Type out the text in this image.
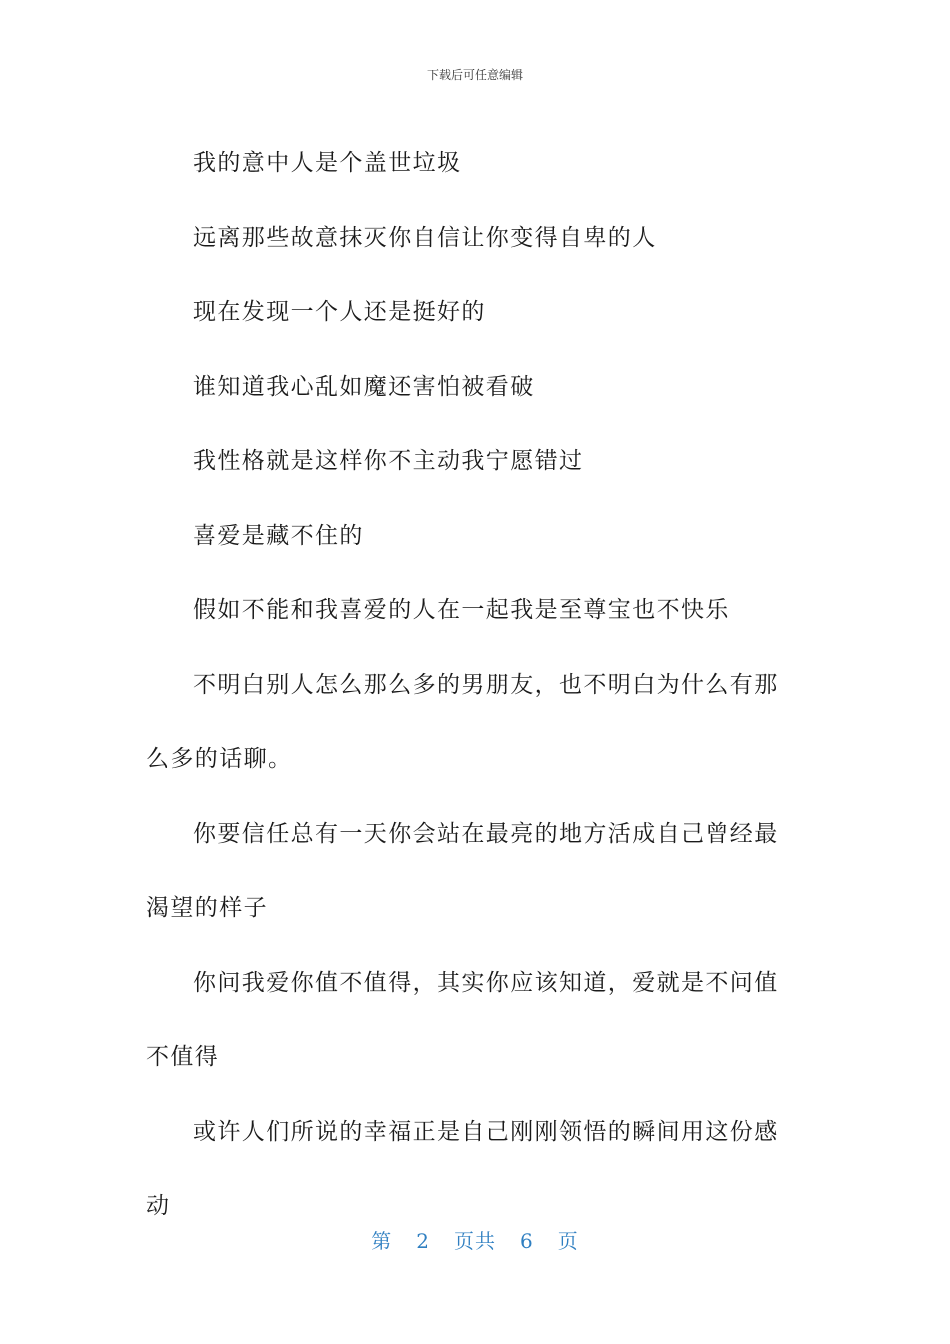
下载后可任意编辑

我的意中人是个盖世垃圾

远离那些故意抹灭你自信让你变得自卑的人

现在发现一个人还是挺好的

谁知道我心乱如魔还害怕被看破

我性格就是这样你不主动我宁愿错过

喜爱是藏不住的

假如不能和我喜爱的人在一起我是至尊宝也不快乐

不明白别人怎么那么多的男朋友，也不明白为什么有那么多的话聊。

你要信任总有一天你会站在最亮的地方活成自己曾经最渴望的样子

你问我爱你值不值得，其实你应该知道，爱就是不问值不值得

或许人们所说的幸福正是自己刚刚领悟的瞬间用这份感动

第 2 页共 6 页
